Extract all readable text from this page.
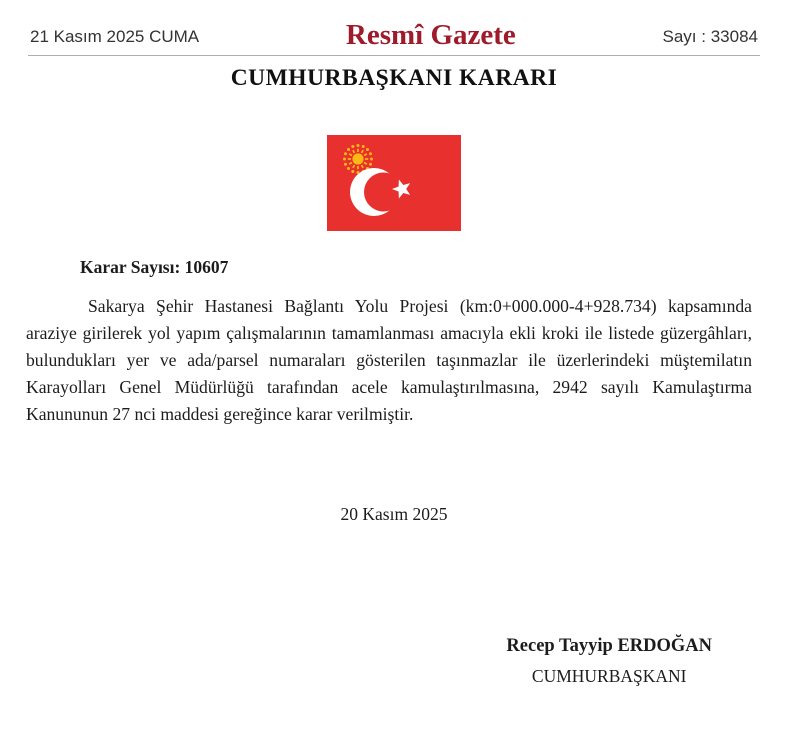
21 Kasım 2025 CUMA	Resmî Gazete	Sayı : 33084
CUMHURBAŞKANI KARARI
Karar Sayısı: 10607

Sakarya Şehir Hastanesi Bağlantı Yolu Projesi (km:0+000.000-4+928.734) kapsamında araziye girilerek yol yapım çalışmalarının tamamlanması amacıyla ekli kroki ile listede güzergâhları, bulundukları yer ve ada/parsel numaraları gösterilen taşınmazlar ile üzerlerindeki müştemilatın Karayolları Genel Müdürlüğü tarafından acele kamulaştırılmasına, 2942 sayılı Kamulaştırma Kanununun 27 nci maddesi gereğince karar verilmiştir.

20 Kasım 2025
Recep Tayyip ERDOĞAN
CUMHURBAŞKANI
